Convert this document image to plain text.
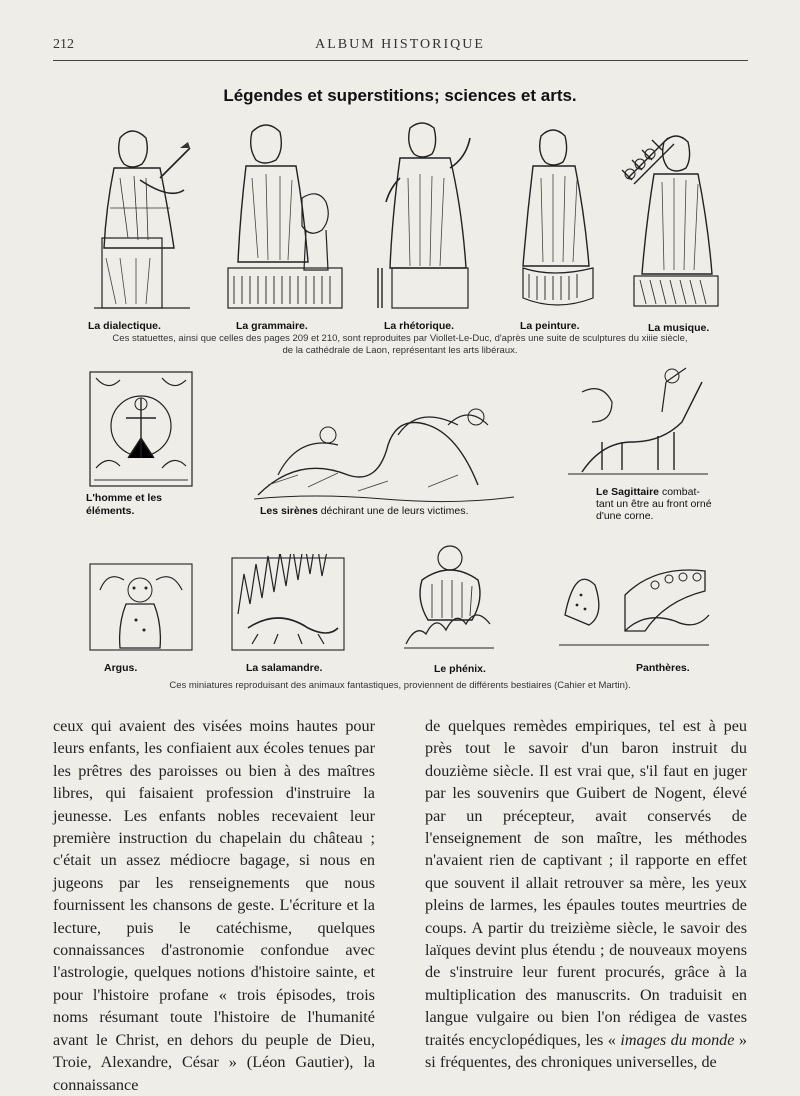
212	ALBUM HISTORIQUE
Légendes et superstitions; sciences et arts.
La dialectique.	La grammaire.	La rhétorique.	La peinture.	La musique.
Ces statuettes, ainsi que celles des pages 209 et 210, sont reproduites par Viollet-Le-Duc, d'après une suite de sculptures du xiiie siècle,
de la cathédrale de Laon, représentant les arts libéraux.
L'homme et les
éléments.	Les sirènes déchirant une de leurs victimes.
Le Sagittaire combat-
tant un être au front orné
d'une corne.
Argus.	La salamandre.	Le phénix.	Panthères.
Ces miniatures reproduisant des animaux fantastiques, proviennent de différents bestiaires (Cahier et Martin).

ceux qui avaient des visées moins hautes pour leurs enfants, les confiaient aux écoles tenues par les prêtres des paroisses ou bien à des maîtres libres, qui faisaient profession d'instruire la jeunesse. Les enfants nobles recevaient leur première instruction du chapelain du château ; c'était un assez médiocre bagage, si nous en jugeons par les renseignements que nous fournissent les chansons de geste. L'écriture et la lecture, puis le catéchisme, quelques connaissances d'astronomie confondue avec l'astrologie, quelques notions d'histoire sainte, et pour l'histoire profane « trois épisodes, trois noms résumant toute l'histoire de l'humanité avant le Christ, en dehors du peuple de Dieu, Troie, Alexandre, César » (Léon Gautier), la connaissance

de quelques remèdes empiriques, tel est à peu près tout le savoir d'un baron instruit du douzième siècle. Il est vrai que, s'il faut en juger par les souvenirs que Guibert de Nogent, élevé par un précepteur, avait conservés de l'enseignement de son maître, les méthodes n'avaient rien de captivant ; il rapporte en effet que souvent il allait retrouver sa mère, les yeux pleins de larmes, les épaules toutes meurtries de coups. A partir du treizième siècle, le savoir des laïques devint plus étendu ; de nouveaux moyens de s'instruire leur furent procurés, grâce à la multiplication des manuscrits. On traduisit en langue vulgaire ou bien l'on rédigea de vastes traités encyclopédiques, les « images du monde » si fréquentes, des chroniques universelles, de
